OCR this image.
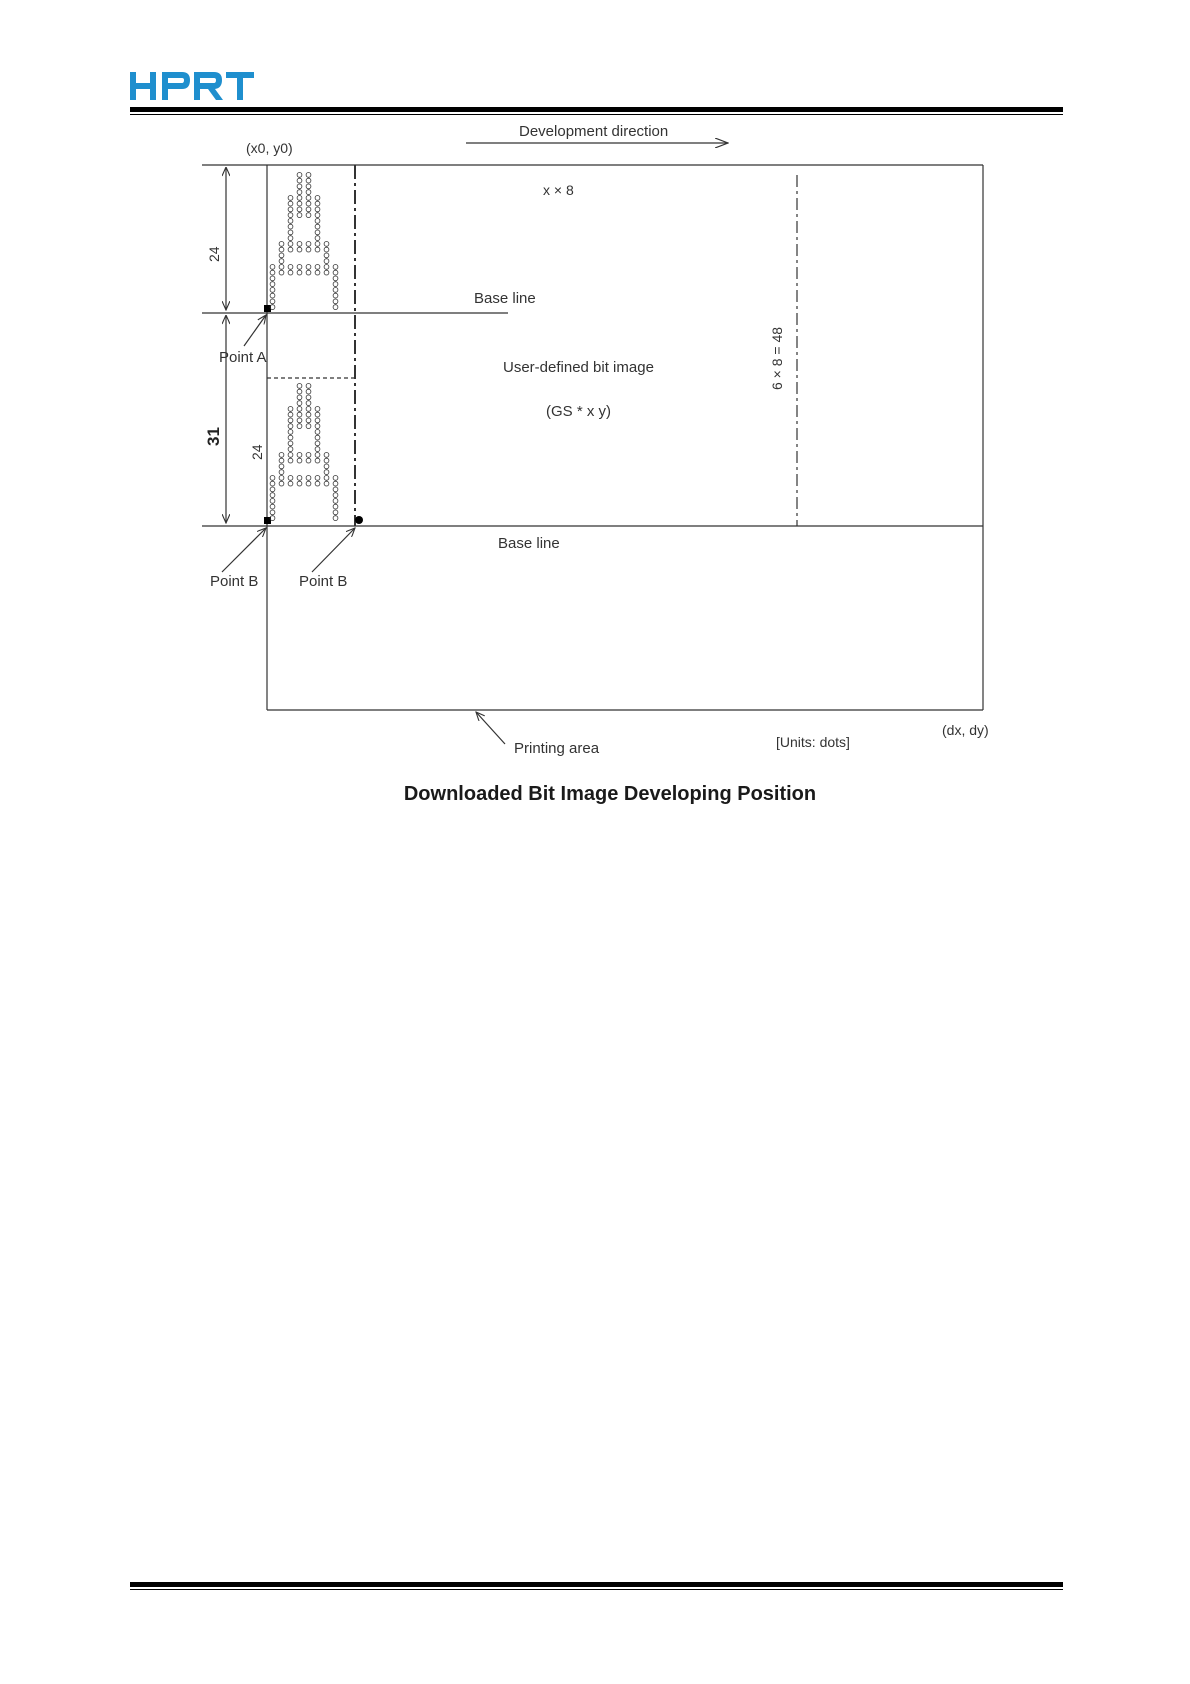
(x0, y0)
Development direction
x × 8
Base line
Point A
User-defined bit image
(GS * x y)
6 × 8 = 48
24
31
24
Base line
Point B	Point B
Printing area	[Units: dots]
(dx, dy)
Downloaded Bit Image Developing Position
